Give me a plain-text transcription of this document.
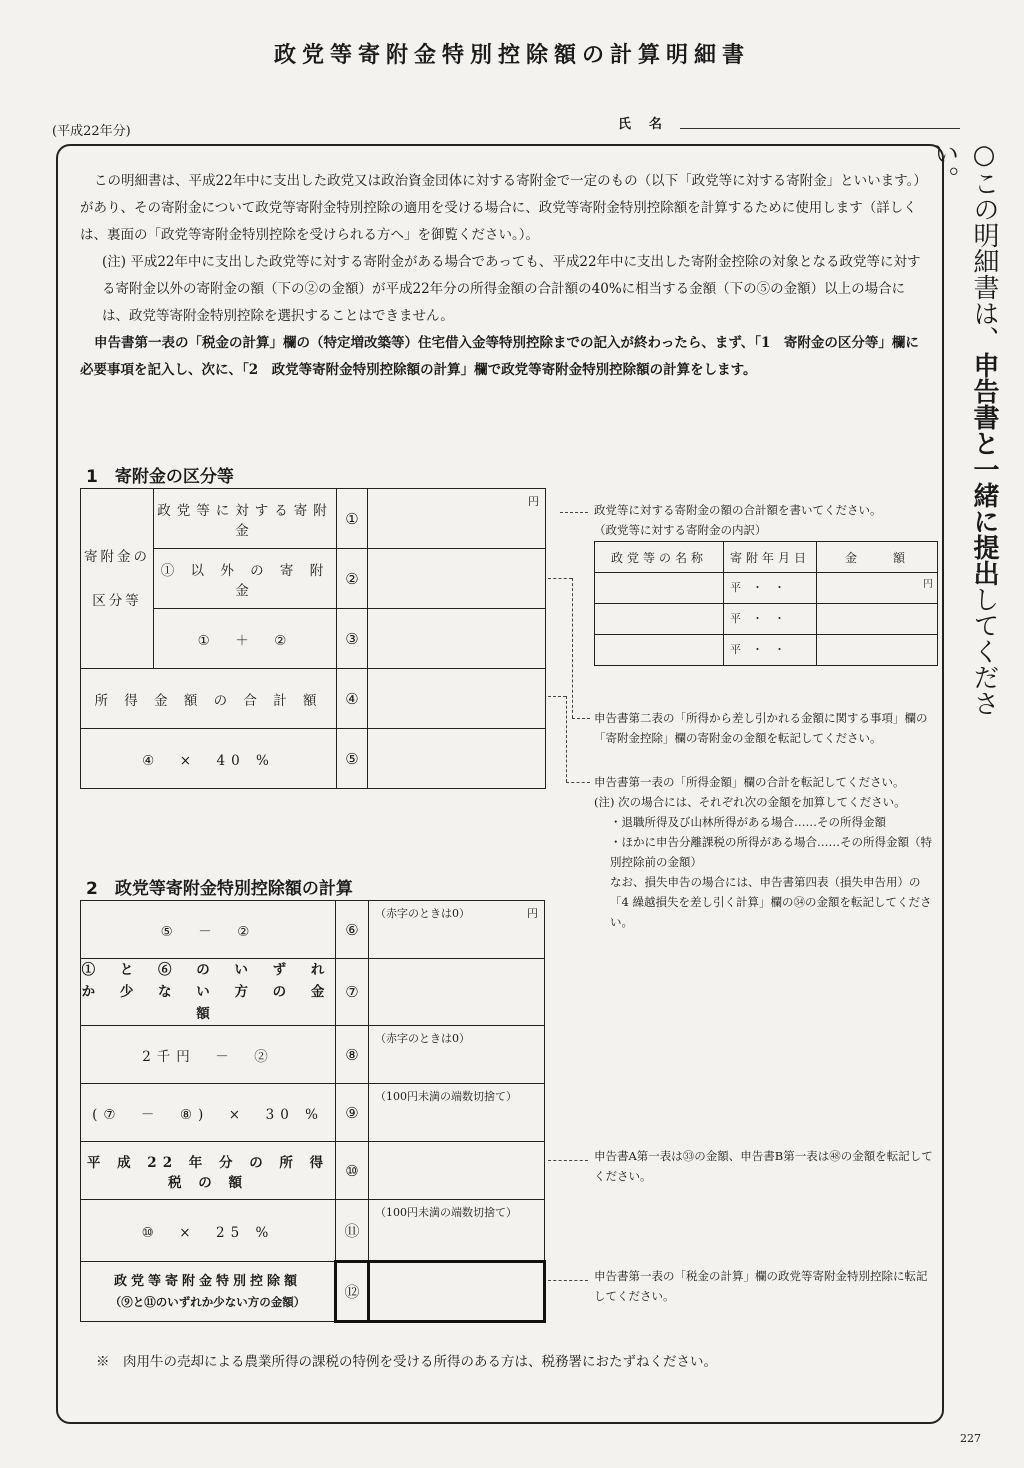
政党等寄附金特別控除額の計算明細書
(平成22年分)	氏名
○この明細書は、申告書と一緒に提出してください。

この明細書は、平成22年中に支出した政党又は政治資金団体に対する寄附金で一定のもの（以下「政党等に対する寄附金」といいます。）があり、その寄附金について政党等寄附金特別控除の適用を受ける場合に、政党等寄附金特別控除額を計算するために使用します（詳しくは、裏面の「政党等寄附金特別控除を受けられる方へ」を御覧ください。）。

(注) 平成22年中に支出した政党等に対する寄附金がある場合であっても、平成22年中に支出した寄附金控除の対象となる政党等に対する寄附金以外の寄附金の額（下の②の金額）が平成22年分の所得金額の合計額の40%に相当する金額（下の⑤の金額）以上の場合には、政党等寄附金特別控除を選択することはできません。

申告書第一表の「税金の計算」欄の（特定増改築等）住宅借入金等特別控除までの記入が終わったら、まず、「1　寄附金の区分等」欄に必要事項を記入し、次に、「2　政党等寄附金特別控除額の計算」欄で政党等寄附金特別控除額の計算をします。

1　寄附金の区分等
寄附金の
区分等	政党等に対する寄附金	①	円

	① 以 外 の 寄 附 金	②	
	①　＋　②	③	
所 得 金 額 の 合 計 額		④	
④　×　40 %		⑤	
政党等に対する寄附金の額の合計額を書いてください。
（政党等に対する寄附金の内訳）
政党等の名称	寄附年月日	金　　額

	平　・　・	円

	平　・　・	

	平　・　・	

申告書第二表の「所得から差し引かれる金額に関する事項」欄の「寄附金控除」欄の寄附金の金額を転記してください。
申告書第一表の「所得金額」欄の合計を転記してください。
(注) 次の場合には、それぞれ次の金額を加算してください。
・退職所得及び山林所得がある場合……その所得金額
・ほかに申告分離課税の所得がある場合……その所得金額（特別控除前の金額）
なお、損失申告の場合には、申告書第四表（損失申告用）の「4 繰越損失を差し引く計算」欄の㉞の金額を転記してください。
2　政党等寄附金特別控除額の計算
⑤　－　②	⑥	（赤字のときは0） 円

① と ⑥ の い ず れ か 少 な い 方 の 金 額	⑦	
2千円　－　②	⑧	（赤字のときは0）

(⑦　－　⑧)　×　30 %	⑨	（100円未満の端数切捨て）

平 成 22 年 分 の 所 得 税 の 額	⑩	
⑩　×　25 %	⑪	（100円未満の端数切捨て）

政党等寄附金特別控除額
（⑨と⑪のいずれか少ない方の金額）	⑫	
申告書A第一表は㉝の金額、申告書B第一表は㊽の金額を転記してください。
申告書第一表の「税金の計算」欄の政党等寄附金特別控除に転記してください。
※　肉用牛の売却による農業所得の課税の特例を受ける所得のある方は、税務署におたずねください。
227
